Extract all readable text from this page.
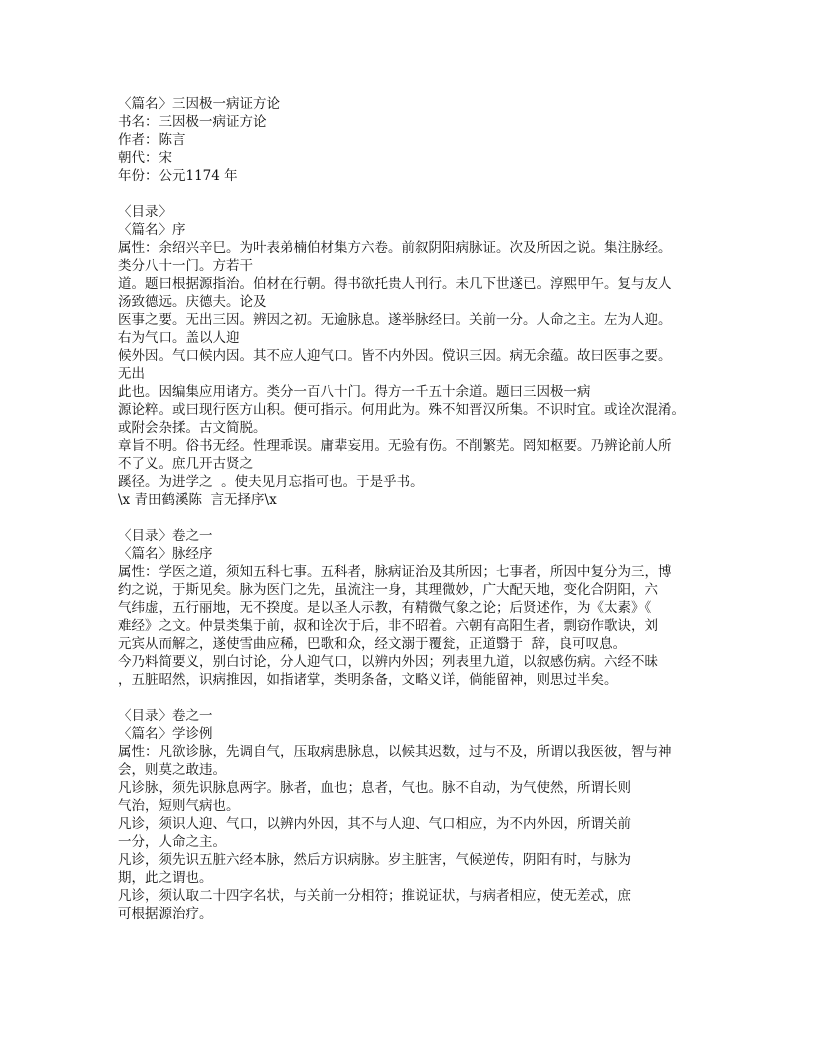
〈篇名〉三因极一病证方论
书名：三因极一病证方论
作者：陈言
朝代：宋
年份：公元1174 年
〈目录〉
〈篇名〉序
属性：余绍兴辛巳。为叶表弟楠伯材集方六卷。前叙阴阳病脉证。次及所因之说。集注脉经。
类分八十一门。方若干
道。题曰根据源指治。伯材在行朝。得书欲托贵人刊行。未几下世遂已。淳熙甲午。复与友人
汤致德远。庆德夫。论及
医事之要。无出三因。辨因之初。无逾脉息。遂举脉经曰。关前一分。人命之主。左为人迎。
右为气口。盖以人迎
候外因。气口候内因。其不应人迎气口。皆不内外因。傥识三因。病无余蕴。故曰医事之要。
无出
此也。因编集应用诸方。类分一百八十门。得方一千五十余道。题曰三因极一病
源论粹。或曰现行医方山积。便可指示。何用此为。殊不知晋汉所集。不识时宜。或诠次混淆。
或附会杂揉。古文简脱。
章旨不明。俗书无经。性理乖误。庸辈妄用。无验有伤。不削繁芜。罔知枢要。乃辨论前人所
不了义。庶几开古贤之
蹊径。为进学之  。使夫见月忘指可也。于是乎书。
\x 青田鹤溪陈  言无择序\x
〈目录〉卷之一
〈篇名〉脉经序
属性：学医之道，须知五科七事。五科者，脉病证治及其所因；七事者，所因中复分为三，博
约之说，于斯见矣。脉为医门之先，虽流注一身，其理微妙，广大配天地，变化合阴阳，六
气纬虚，五行丽地，无不揆度。是以圣人示教，有精微气象之论；后贤述作，为《太素》《
难经》之文。仲景类集于前，叔和诠次于后，非不昭着。六朝有高阳生者，剽窃作歌诀，刘
元宾从而解之，遂使雪曲应稀，巴歌和众，经文溺于覆瓮，正道翳于  辞，良可叹息。
今乃料简要义，别白讨论，分人迎气口，以辨内外因；列表里九道，以叙感伤病。六经不昧
，五脏昭然，识病推因，如指诸掌，类明条备，文略义详，倘能留神，则思过半矣。
〈目录〉卷之一
〈篇名〉学诊例
属性：凡欲诊脉，先调自气，压取病患脉息，以候其迟数，过与不及，所谓以我医彼，智与神
会，则莫之敢违。
凡诊脉，须先识脉息两字。脉者，血也；息者，气也。脉不自动，为气使然，所谓长则
气治，短则气病也。
凡诊，须识人迎、气口，以辨内外因，其不与人迎、气口相应，为不内外因，所谓关前
一分，人命之主。
凡诊，须先识五脏六经本脉，然后方识病脉。岁主脏害，气候逆传，阴阳有时，与脉为
期，此之谓也。
凡诊，须认取二十四字名状，与关前一分相符；推说证状，与病者相应，使无差忒，庶
可根据源治疗。
